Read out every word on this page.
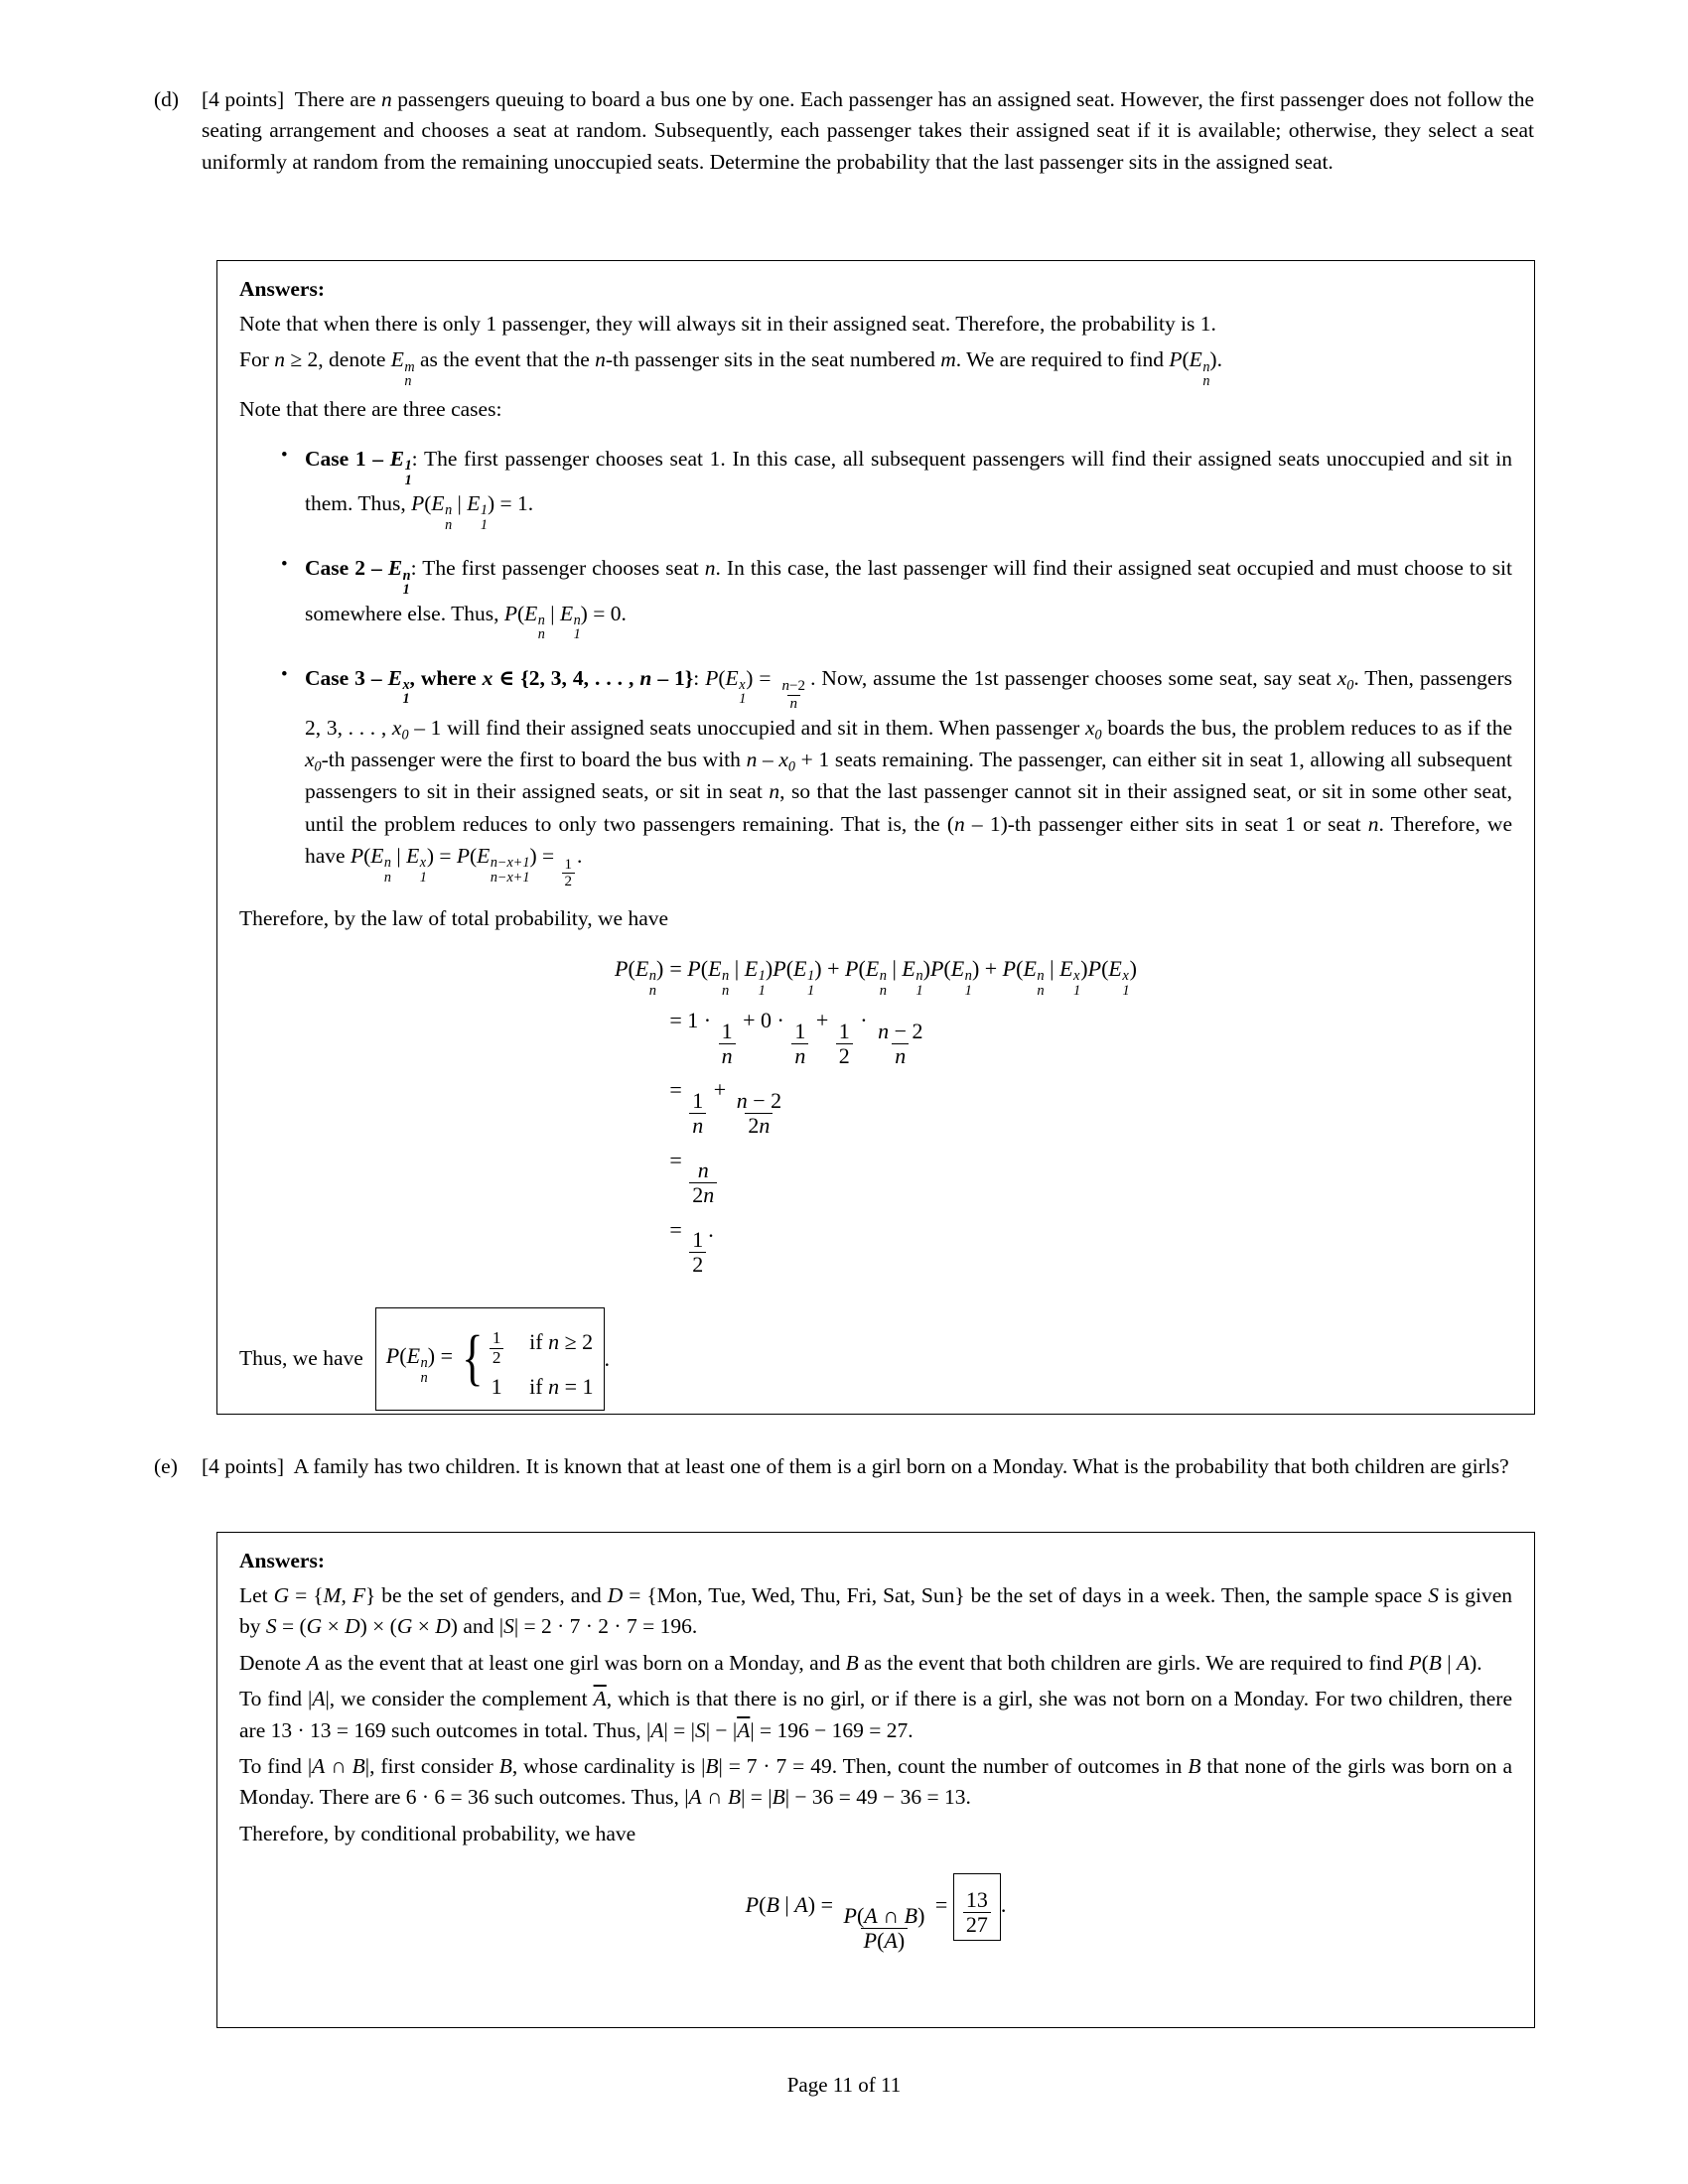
(d)	[4 points] There are n passengers queuing to board a bus one by one. Each passenger has an assigned seat. However, the first passenger does not follow the seating arrangement and chooses a seat at random. Subsequently, each passenger takes their assigned seat if it is available; otherwise, they select a seat uniformly at random from the remaining unoccupied seats. Determine the probability that the last passenger sits in the assigned seat.
Answers:
Note that when there is only 1 passenger, they will always sit in their assigned seat. Therefore, the probability is 1.
For n ≥ 2, denote E m
n
as the event that the n-th passenger sits in the seat numbered m. We are required to find P(E n
n
).
Note that there are three cases:
• Case 1 – E 1
1
: The first passenger chooses seat 1. In this case, all subsequent passengers will find their assigned seats unoccupied and sit in them. Thus, P(E n
n
| E 1
1
) = 1.
• Case 2 – E n
1
: The first passenger chooses seat n. In this case, the last passenger will find their assigned seat occupied and must choose to sit somewhere else. Thus, P(E n
n
| E n
1
) = 0.
• Case 3 – E x
1
, where x ∈ {2, 3, 4, . . . , n – 1}: P(E x
1
) =
$\frac{n-2}{n}$
. Now, assume the 1st passenger chooses some seat, say seat $x_0$. Then, passengers 2, 3, . . . , $x_0 - 1$ will find their assigned seats unoccupied and sit in them. When passenger $x_0$ boards the bus, the problem reduces to as if the $x_0-th$ passenger were the first to board the bus with $n - x_0 + 1$ seats remaining. The passenger, can either sit in seat 1, allowing all subsequent passengers to sit in their assigned seats, or sit in seat n, so that the last passenger cannot sit in their assigned seat, or sit in some other seat, until the problem reduces to only two passengers remaining. That is, the (n – 1)-th passenger either sits in seat 1 or seat n. Therefore, we have P(E n
n
| E x
1
) = P(E n−x+1
n−x+1
) =
$\frac{1}{2}$
.
Therefore, by the law of total probability, we have
P(E n
n
)	= P(E n
n
| E 1
1
)P(E 1
1
) + P(E n
n
| E n
1
)P(E n
1
) + P(E n
n
| E x
1
)P(E x
1
)
	= $1 \cdot \frac{1}{n} + 0 \cdot \frac{1}{n} + \frac{1}{2} \cdot \frac{n - 2}{n}$

	= $\frac{1}{n} + \frac{n - 2}{2n}$

	= $\frac{n}{2n}$

	= $\frac{1}{2}$ .
Thus, we have	P(E n
n
) = { $\frac{1}{2}$	if n ≥ 2
1	if n = 1
.
(e)	[4 points] A family has two children. It is known that at least one of them is a girl born on a Monday. What is the probability that both children are girls?
Answers:
Let G = {M, F} be the set of genders, and D = {Mon, Tue, Wed, Thu, Fri, Sat, Sun} be the set of days in a week. Then, the sample space S is given by S = (G × D) × (G × D) and |S| = 2 · 7 · 2 · 7 = 196.
Denote A as the event that at least one girl was born on a Monday, and B as the event that both children are girls. We are required to find P(B | A).
To find |A|, we consider the complement $\overline{A}$, which is that there is no girl, or if there is a girl, she was not born on a Monday. For two children, there are 13 · 13 = 169 such outcomes in total. Thus, $|A| = |S| - |\overline{A}| = 196 - 169 = 27$.
To find |A ∩ B|, first consider B, whose cardinality is |B| = 7 · 7 = 49. Then, count the number of outcomes in B that none of the girls was born on a Monday. There are 6 · 6 = 36 such outcomes. Thus, |A ∩ B| = |B| − 36 = 49 − 36 = 13.
Therefore, by conditional probability, we have
P(B | $A) = \frac{P(A \cap B)}{P(A)} = \frac{13}{27}$ .
Page 11 of 11
